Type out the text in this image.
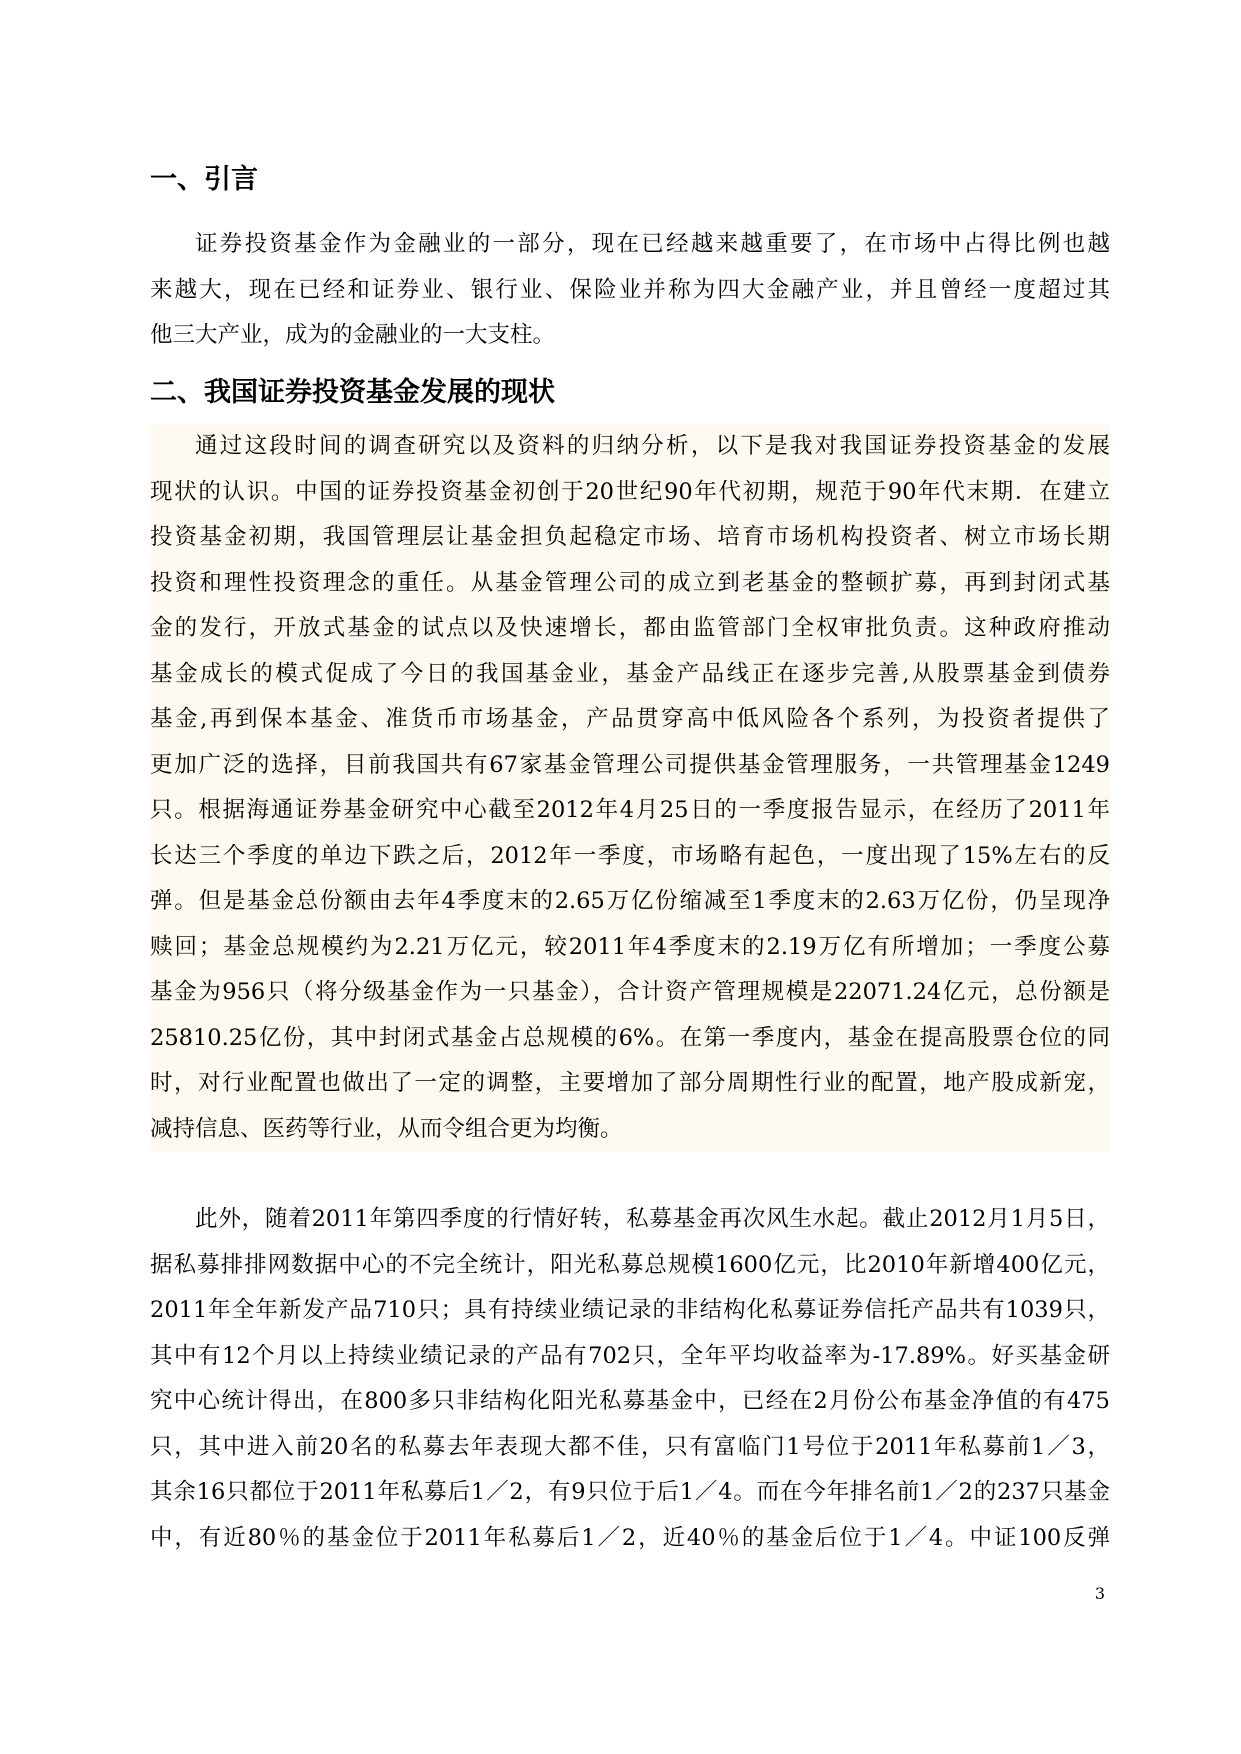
一、引言
证券投资基金作为金融业的一部分，现在已经越来越重要了，在市场中占得比例也越
来越大，现在已经和证券业、银行业、保险业并称为四大金融产业，并且曾经一度超过其
他三大产业，成为的金融业的一大支柱。
二、我国证券投资基金发展的现状
通过这段时间的调查研究以及资料的归纳分析，以下是我对我国证券投资基金的发展
现状的认识。中国的证券投资基金初创于20世纪90年代初期，规范于90年代末期．在建立
投资基金初期，我国管理层让基金担负起稳定市场、培育市场机构投资者、树立市场长期
投资和理性投资理念的重任。从基金管理公司的成立到老基金的整顿扩募，再到封闭式基
金的发行，开放式基金的试点以及快速增长，都由监管部门全权审批负责。这种政府推动
基金成长的模式促成了今日的我国基金业，基金产品线正在逐步完善,从股票基金到债券
基金,再到保本基金、准货币市场基金，产品贯穿高中低风险各个系列，为投资者提供了
更加广泛的选择，目前我国共有67家基金管理公司提供基金管理服务，一共管理基金1249
只。根据海通证券基金研究中心截至2012年4月25日的一季度报告显示，在经历了2011年
长达三个季度的单边下跌之后，2012年一季度，市场略有起色，一度出现了15%左右的反
弹。但是基金总份额由去年4季度末的2.65万亿份缩减至1季度末的2.63万亿份，仍呈现净
赎回；基金总规模约为2.21万亿元，较2011年4季度末的2.19万亿有所增加；一季度公募
基金为956只（将分级基金作为一只基金），合计资产管理规模是22071.24亿元，总份额是
25810.25亿份，其中封闭式基金占总规模的6%。在第一季度内，基金在提高股票仓位的同
时，对行业配置也做出了一定的调整，主要增加了部分周期性行业的配置，地产股成新宠，
减持信息、医药等行业，从而令组合更为均衡。
此外，随着2011年第四季度的行情好转，私募基金再次风生水起。截止2012月1月5日，
据私募排排网数据中心的不完全统计，阳光私募总规模1600亿元，比2010年新增400亿元，
2011年全年新发产品710只；具有持续业绩记录的非结构化私募证券信托产品共有1039只，
其中有12个月以上持续业绩记录的产品有702只，全年平均收益率为-17.89%。好买基金研
究中心统计得出，在800多只非结构化阳光私募基金中，已经在2月份公布基金净值的有475
只，其中进入前20名的私募去年表现大都不佳，只有富临门1号位于2011年私募前1／3，
其余16只都位于2011年私募后1／2，有9只位于后1／4。而在今年排名前1／2的237只基金
中，有近80％的基金位于2011年私募后1／2，近40％的基金后位于1／4。中证100反弹
3
